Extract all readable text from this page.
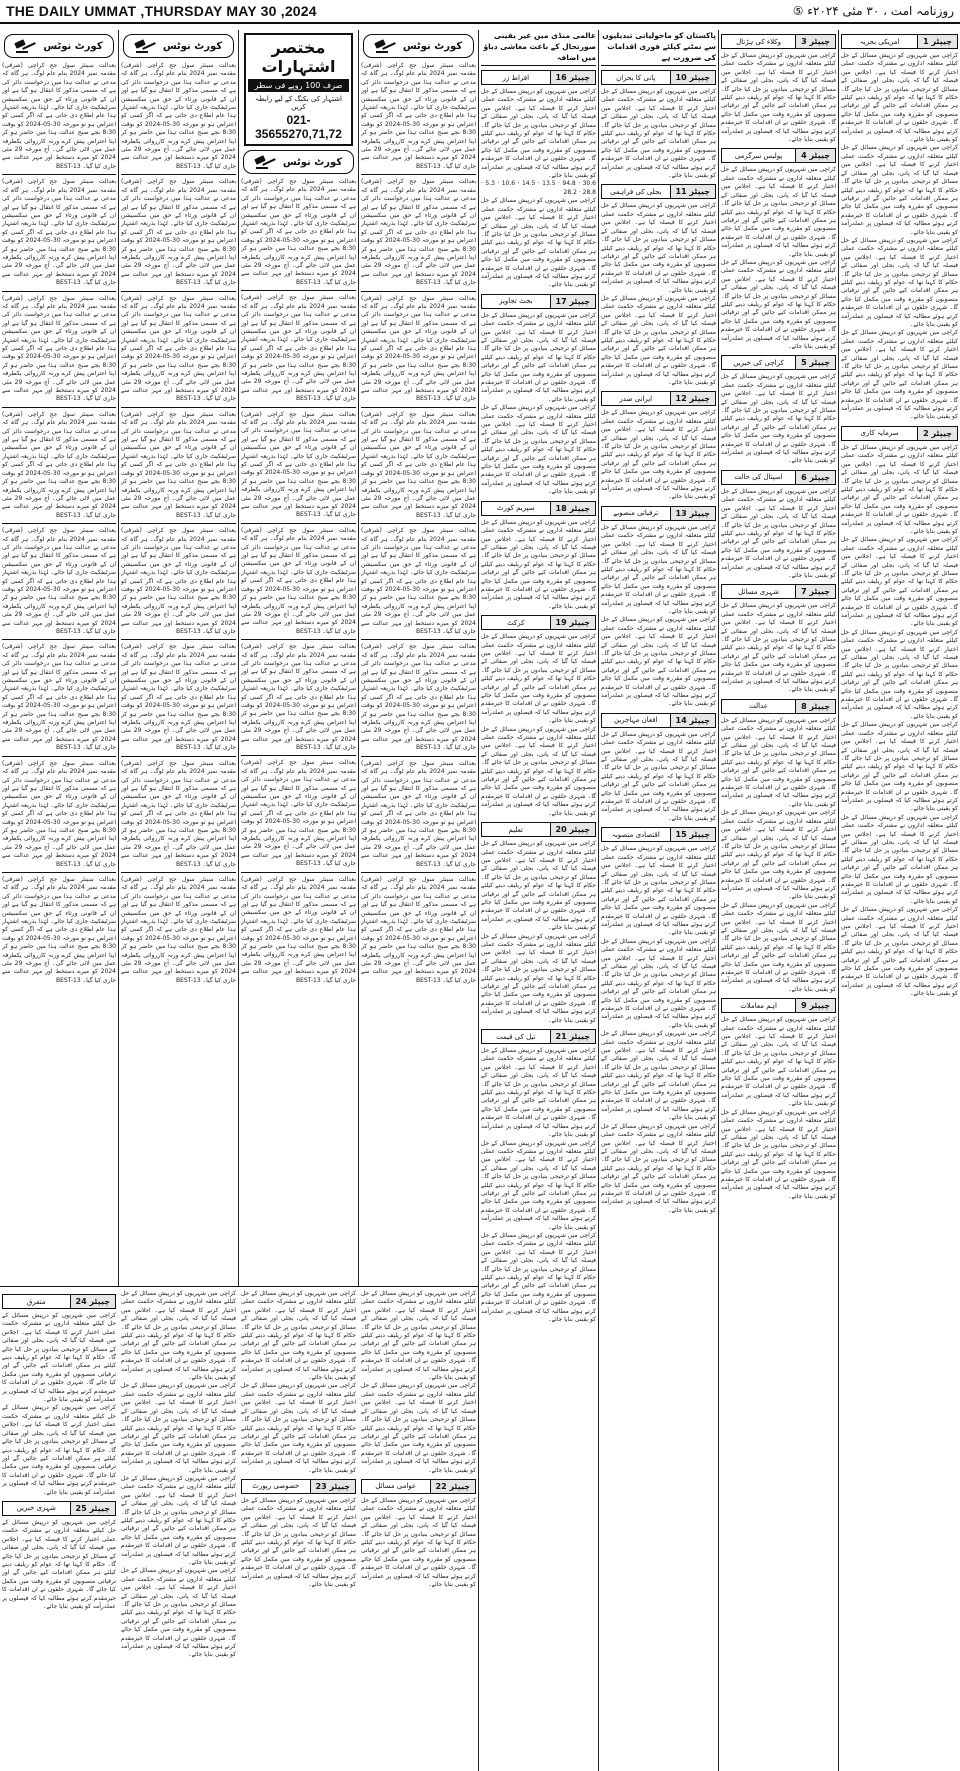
THE DAILY UMMAT ,THURSDAY MAY 30 ,2024	روزنامہ امت ، ۳۰ مئی ۲۰۲۴ء ⑤
کورٹ نوٹس
بعدالت سینئر سول جج کراچی (شرقی) مقدمہ نمبر 2024 بنام عام لوگ۔ ہر گاہ کہ مدعی نے عدالت ہذا میں درخواست دائر کی ہے کہ مسمی مذکور کا انتقال ہو گیا ہے اور ان کے قانونی ورثاء کے حق میں سکسیشن سرٹیفکیٹ جاری کیا جائے۔ لہٰذا بذریعہ اشتہار ہذا عام اطلاع دی جاتی ہے کہ اگر کسی کو اعتراض ہو تو مورخہ 30-05-2024 کو بوقت 8:30 بجے صبح عدالت ہذا میں حاضر ہو کر اپنا اعتراض پیش کرے ورنہ کارروائی یکطرفہ عمل میں لائی جائے گی۔ آج مورخہ 29 مئی 2024 کو میرے دستخط اور مہر عدالت سے جاری کیا گیا۔ BEST-13
بعدالت سینئر سول جج کراچی (شرقی) مقدمہ نمبر 2024 بنام عام لوگ۔ ہر گاہ کہ مدعی نے عدالت ہذا میں درخواست دائر کی ہے کہ مسمی مذکور کا انتقال ہو گیا ہے اور ان کے قانونی ورثاء کے حق میں سکسیشن سرٹیفکیٹ جاری کیا جائے۔ لہٰذا بذریعہ اشتہار ہذا عام اطلاع دی جاتی ہے کہ اگر کسی کو اعتراض ہو تو مورخہ 30-05-2024 کو بوقت 8:30 بجے صبح عدالت ہذا میں حاضر ہو کر اپنا اعتراض پیش کرے ورنہ کارروائی یکطرفہ عمل میں لائی جائے گی۔ آج مورخہ 29 مئی 2024 کو میرے دستخط اور مہر عدالت سے جاری کیا گیا۔ BEST-13
بعدالت سینئر سول جج کراچی (شرقی) مقدمہ نمبر 2024 بنام عام لوگ۔ ہر گاہ کہ مدعی نے عدالت ہذا میں درخواست دائر کی ہے کہ مسمی مذکور کا انتقال ہو گیا ہے اور ان کے قانونی ورثاء کے حق میں سکسیشن سرٹیفکیٹ جاری کیا جائے۔ لہٰذا بذریعہ اشتہار ہذا عام اطلاع دی جاتی ہے کہ اگر کسی کو اعتراض ہو تو مورخہ 30-05-2024 کو بوقت 8:30 بجے صبح عدالت ہذا میں حاضر ہو کر اپنا اعتراض پیش کرے ورنہ کارروائی یکطرفہ عمل میں لائی جائے گی۔ آج مورخہ 29 مئی 2024 کو میرے دستخط اور مہر عدالت سے جاری کیا گیا۔ BEST-13
بعدالت سینئر سول جج کراچی (شرقی) مقدمہ نمبر 2024 بنام عام لوگ۔ ہر گاہ کہ مدعی نے عدالت ہذا میں درخواست دائر کی ہے کہ مسمی مذکور کا انتقال ہو گیا ہے اور ان کے قانونی ورثاء کے حق میں سکسیشن سرٹیفکیٹ جاری کیا جائے۔ لہٰذا بذریعہ اشتہار ہذا عام اطلاع دی جاتی ہے کہ اگر کسی کو اعتراض ہو تو مورخہ 30-05-2024 کو بوقت 8:30 بجے صبح عدالت ہذا میں حاضر ہو کر اپنا اعتراض پیش کرے ورنہ کارروائی یکطرفہ عمل میں لائی جائے گی۔ آج مورخہ 29 مئی 2024 کو میرے دستخط اور مہر عدالت سے جاری کیا گیا۔ BEST-13
بعدالت سینئر سول جج کراچی (شرقی) مقدمہ نمبر 2024 بنام عام لوگ۔ ہر گاہ کہ مدعی نے عدالت ہذا میں درخواست دائر کی ہے کہ مسمی مذکور کا انتقال ہو گیا ہے اور ان کے قانونی ورثاء کے حق میں سکسیشن سرٹیفکیٹ جاری کیا جائے۔ لہٰذا بذریعہ اشتہار ہذا عام اطلاع دی جاتی ہے کہ اگر کسی کو اعتراض ہو تو مورخہ 30-05-2024 کو بوقت 8:30 بجے صبح عدالت ہذا میں حاضر ہو کر اپنا اعتراض پیش کرے ورنہ کارروائی یکطرفہ عمل میں لائی جائے گی۔ آج مورخہ 29 مئی 2024 کو میرے دستخط اور مہر عدالت سے جاری کیا گیا۔ BEST-13
بعدالت سینئر سول جج کراچی (شرقی) مقدمہ نمبر 2024 بنام عام لوگ۔ ہر گاہ کہ مدعی نے عدالت ہذا میں درخواست دائر کی ہے کہ مسمی مذکور کا انتقال ہو گیا ہے اور ان کے قانونی ورثاء کے حق میں سکسیشن سرٹیفکیٹ جاری کیا جائے۔ لہٰذا بذریعہ اشتہار ہذا عام اطلاع دی جاتی ہے کہ اگر کسی کو اعتراض ہو تو مورخہ 30-05-2024 کو بوقت 8:30 بجے صبح عدالت ہذا میں حاضر ہو کر اپنا اعتراض پیش کرے ورنہ کارروائی یکطرفہ عمل میں لائی جائے گی۔ آج مورخہ 29 مئی 2024 کو میرے دستخط اور مہر عدالت سے جاری کیا گیا۔ BEST-13
بعدالت سینئر سول جج کراچی (شرقی) مقدمہ نمبر 2024 بنام عام لوگ۔ ہر گاہ کہ مدعی نے عدالت ہذا میں درخواست دائر کی ہے کہ مسمی مذکور کا انتقال ہو گیا ہے اور ان کے قانونی ورثاء کے حق میں سکسیشن سرٹیفکیٹ جاری کیا جائے۔ لہٰذا بذریعہ اشتہار ہذا عام اطلاع دی جاتی ہے کہ اگر کسی کو اعتراض ہو تو مورخہ 30-05-2024 کو بوقت 8:30 بجے صبح عدالت ہذا میں حاضر ہو کر اپنا اعتراض پیش کرے ورنہ کارروائی یکطرفہ عمل میں لائی جائے گی۔ آج مورخہ 29 مئی 2024 کو میرے دستخط اور مہر عدالت سے جاری کیا گیا۔ BEST-13
بعدالت سینئر سول جج کراچی (شرقی) مقدمہ نمبر 2024 بنام عام لوگ۔ ہر گاہ کہ مدعی نے عدالت ہذا میں درخواست دائر کی ہے کہ مسمی مذکور کا انتقال ہو گیا ہے اور ان کے قانونی ورثاء کے حق میں سکسیشن سرٹیفکیٹ جاری کیا جائے۔ لہٰذا بذریعہ اشتہار ہذا عام اطلاع دی جاتی ہے کہ اگر کسی کو اعتراض ہو تو مورخہ 30-05-2024 کو بوقت 8:30 بجے صبح عدالت ہذا میں حاضر ہو کر اپنا اعتراض پیش کرے ورنہ کارروائی یکطرفہ عمل میں لائی جائے گی۔ آج مورخہ 29 مئی 2024 کو میرے دستخط اور مہر عدالت سے جاری کیا گیا۔ BEST-13
کورٹ نوٹس
بعدالت سینئر سول جج کراچی (شرقی) مقدمہ نمبر 2024 بنام عام لوگ۔ ہر گاہ کہ مدعی نے عدالت ہذا میں درخواست دائر کی ہے کہ مسمی مذکور کا انتقال ہو گیا ہے اور ان کے قانونی ورثاء کے حق میں سکسیشن سرٹیفکیٹ جاری کیا جائے۔ لہٰذا بذریعہ اشتہار ہذا عام اطلاع دی جاتی ہے کہ اگر کسی کو اعتراض ہو تو مورخہ 30-05-2024 کو بوقت 8:30 بجے صبح عدالت ہذا میں حاضر ہو کر اپنا اعتراض پیش کرے ورنہ کارروائی یکطرفہ عمل میں لائی جائے گی۔ آج مورخہ 29 مئی 2024 کو میرے دستخط اور مہر عدالت سے جاری کیا گیا۔ BEST-13
بعدالت سینئر سول جج کراچی (شرقی) مقدمہ نمبر 2024 بنام عام لوگ۔ ہر گاہ کہ مدعی نے عدالت ہذا میں درخواست دائر کی ہے کہ مسمی مذکور کا انتقال ہو گیا ہے اور ان کے قانونی ورثاء کے حق میں سکسیشن سرٹیفکیٹ جاری کیا جائے۔ لہٰذا بذریعہ اشتہار ہذا عام اطلاع دی جاتی ہے کہ اگر کسی کو اعتراض ہو تو مورخہ 30-05-2024 کو بوقت 8:30 بجے صبح عدالت ہذا میں حاضر ہو کر اپنا اعتراض پیش کرے ورنہ کارروائی یکطرفہ عمل میں لائی جائے گی۔ آج مورخہ 29 مئی 2024 کو میرے دستخط اور مہر عدالت سے جاری کیا گیا۔ BEST-13
بعدالت سینئر سول جج کراچی (شرقی) مقدمہ نمبر 2024 بنام عام لوگ۔ ہر گاہ کہ مدعی نے عدالت ہذا میں درخواست دائر کی ہے کہ مسمی مذکور کا انتقال ہو گیا ہے اور ان کے قانونی ورثاء کے حق میں سکسیشن سرٹیفکیٹ جاری کیا جائے۔ لہٰذا بذریعہ اشتہار ہذا عام اطلاع دی جاتی ہے کہ اگر کسی کو اعتراض ہو تو مورخہ 30-05-2024 کو بوقت 8:30 بجے صبح عدالت ہذا میں حاضر ہو کر اپنا اعتراض پیش کرے ورنہ کارروائی یکطرفہ عمل میں لائی جائے گی۔ آج مورخہ 29 مئی 2024 کو میرے دستخط اور مہر عدالت سے جاری کیا گیا۔ BEST-13
بعدالت سینئر سول جج کراچی (شرقی) مقدمہ نمبر 2024 بنام عام لوگ۔ ہر گاہ کہ مدعی نے عدالت ہذا میں درخواست دائر کی ہے کہ مسمی مذکور کا انتقال ہو گیا ہے اور ان کے قانونی ورثاء کے حق میں سکسیشن سرٹیفکیٹ جاری کیا جائے۔ لہٰذا بذریعہ اشتہار ہذا عام اطلاع دی جاتی ہے کہ اگر کسی کو اعتراض ہو تو مورخہ 30-05-2024 کو بوقت 8:30 بجے صبح عدالت ہذا میں حاضر ہو کر اپنا اعتراض پیش کرے ورنہ کارروائی یکطرفہ عمل میں لائی جائے گی۔ آج مورخہ 29 مئی 2024 کو میرے دستخط اور مہر عدالت سے جاری کیا گیا۔ BEST-13
بعدالت سینئر سول جج کراچی (شرقی) مقدمہ نمبر 2024 بنام عام لوگ۔ ہر گاہ کہ مدعی نے عدالت ہذا میں درخواست دائر کی ہے کہ مسمی مذکور کا انتقال ہو گیا ہے اور ان کے قانونی ورثاء کے حق میں سکسیشن سرٹیفکیٹ جاری کیا جائے۔ لہٰذا بذریعہ اشتہار ہذا عام اطلاع دی جاتی ہے کہ اگر کسی کو اعتراض ہو تو مورخہ 30-05-2024 کو بوقت 8:30 بجے صبح عدالت ہذا میں حاضر ہو کر اپنا اعتراض پیش کرے ورنہ کارروائی یکطرفہ عمل میں لائی جائے گی۔ آج مورخہ 29 مئی 2024 کو میرے دستخط اور مہر عدالت سے جاری کیا گیا۔ BEST-13
بعدالت سینئر سول جج کراچی (شرقی) مقدمہ نمبر 2024 بنام عام لوگ۔ ہر گاہ کہ مدعی نے عدالت ہذا میں درخواست دائر کی ہے کہ مسمی مذکور کا انتقال ہو گیا ہے اور ان کے قانونی ورثاء کے حق میں سکسیشن سرٹیفکیٹ جاری کیا جائے۔ لہٰذا بذریعہ اشتہار ہذا عام اطلاع دی جاتی ہے کہ اگر کسی کو اعتراض ہو تو مورخہ 30-05-2024 کو بوقت 8:30 بجے صبح عدالت ہذا میں حاضر ہو کر اپنا اعتراض پیش کرے ورنہ کارروائی یکطرفہ عمل میں لائی جائے گی۔ آج مورخہ 29 مئی 2024 کو میرے دستخط اور مہر عدالت سے جاری کیا گیا۔ BEST-13
بعدالت سینئر سول جج کراچی (شرقی) مقدمہ نمبر 2024 بنام عام لوگ۔ ہر گاہ کہ مدعی نے عدالت ہذا میں درخواست دائر کی ہے کہ مسمی مذکور کا انتقال ہو گیا ہے اور ان کے قانونی ورثاء کے حق میں سکسیشن سرٹیفکیٹ جاری کیا جائے۔ لہٰذا بذریعہ اشتہار ہذا عام اطلاع دی جاتی ہے کہ اگر کسی کو اعتراض ہو تو مورخہ 30-05-2024 کو بوقت 8:30 بجے صبح عدالت ہذا میں حاضر ہو کر اپنا اعتراض پیش کرے ورنہ کارروائی یکطرفہ عمل میں لائی جائے گی۔ آج مورخہ 29 مئی 2024 کو میرے دستخط اور مہر عدالت سے جاری کیا گیا۔ BEST-13
بعدالت سینئر سول جج کراچی (شرقی) مقدمہ نمبر 2024 بنام عام لوگ۔ ہر گاہ کہ مدعی نے عدالت ہذا میں درخواست دائر کی ہے کہ مسمی مذکور کا انتقال ہو گیا ہے اور ان کے قانونی ورثاء کے حق میں سکسیشن سرٹیفکیٹ جاری کیا جائے۔ لہٰذا بذریعہ اشتہار ہذا عام اطلاع دی جاتی ہے کہ اگر کسی کو اعتراض ہو تو مورخہ 30-05-2024 کو بوقت 8:30 بجے صبح عدالت ہذا میں حاضر ہو کر اپنا اعتراض پیش کرے ورنہ کارروائی یکطرفہ عمل میں لائی جائے گی۔ آج مورخہ 29 مئی 2024 کو میرے دستخط اور مہر عدالت سے جاری کیا گیا۔ BEST-13
مختصر اشتہارات
صرف 100 روپے فی سطر
اشتہار کی بکنگ کے لیے رابطہ کریں
021-35655270,71,72
کورٹ نوٹس
بعدالت سینئر سول جج کراچی (شرقی) مقدمہ نمبر 2024 بنام عام لوگ۔ ہر گاہ کہ مدعی نے عدالت ہذا میں درخواست دائر کی ہے کہ مسمی مذکور کا انتقال ہو گیا ہے اور ان کے قانونی ورثاء کے حق میں سکسیشن سرٹیفکیٹ جاری کیا جائے۔ لہٰذا بذریعہ اشتہار ہذا عام اطلاع دی جاتی ہے کہ اگر کسی کو اعتراض ہو تو مورخہ 30-05-2024 کو بوقت 8:30 بجے صبح عدالت ہذا میں حاضر ہو کر اپنا اعتراض پیش کرے ورنہ کارروائی یکطرفہ عمل میں لائی جائے گی۔ آج مورخہ 29 مئی 2024 کو میرے دستخط اور مہر عدالت سے جاری کیا گیا۔ BEST-13
بعدالت سینئر سول جج کراچی (شرقی) مقدمہ نمبر 2024 بنام عام لوگ۔ ہر گاہ کہ مدعی نے عدالت ہذا میں درخواست دائر کی ہے کہ مسمی مذکور کا انتقال ہو گیا ہے اور ان کے قانونی ورثاء کے حق میں سکسیشن سرٹیفکیٹ جاری کیا جائے۔ لہٰذا بذریعہ اشتہار ہذا عام اطلاع دی جاتی ہے کہ اگر کسی کو اعتراض ہو تو مورخہ 30-05-2024 کو بوقت 8:30 بجے صبح عدالت ہذا میں حاضر ہو کر اپنا اعتراض پیش کرے ورنہ کارروائی یکطرفہ عمل میں لائی جائے گی۔ آج مورخہ 29 مئی 2024 کو میرے دستخط اور مہر عدالت سے جاری کیا گیا۔ BEST-13
بعدالت سینئر سول جج کراچی (شرقی) مقدمہ نمبر 2024 بنام عام لوگ۔ ہر گاہ کہ مدعی نے عدالت ہذا میں درخواست دائر کی ہے کہ مسمی مذکور کا انتقال ہو گیا ہے اور ان کے قانونی ورثاء کے حق میں سکسیشن سرٹیفکیٹ جاری کیا جائے۔ لہٰذا بذریعہ اشتہار ہذا عام اطلاع دی جاتی ہے کہ اگر کسی کو اعتراض ہو تو مورخہ 30-05-2024 کو بوقت 8:30 بجے صبح عدالت ہذا میں حاضر ہو کر اپنا اعتراض پیش کرے ورنہ کارروائی یکطرفہ عمل میں لائی جائے گی۔ آج مورخہ 29 مئی 2024 کو میرے دستخط اور مہر عدالت سے جاری کیا گیا۔ BEST-13
بعدالت سینئر سول جج کراچی (شرقی) مقدمہ نمبر 2024 بنام عام لوگ۔ ہر گاہ کہ مدعی نے عدالت ہذا میں درخواست دائر کی ہے کہ مسمی مذکور کا انتقال ہو گیا ہے اور ان کے قانونی ورثاء کے حق میں سکسیشن سرٹیفکیٹ جاری کیا جائے۔ لہٰذا بذریعہ اشتہار ہذا عام اطلاع دی جاتی ہے کہ اگر کسی کو اعتراض ہو تو مورخہ 30-05-2024 کو بوقت 8:30 بجے صبح عدالت ہذا میں حاضر ہو کر اپنا اعتراض پیش کرے ورنہ کارروائی یکطرفہ عمل میں لائی جائے گی۔ آج مورخہ 29 مئی 2024 کو میرے دستخط اور مہر عدالت سے جاری کیا گیا۔ BEST-13
بعدالت سینئر سول جج کراچی (شرقی) مقدمہ نمبر 2024 بنام عام لوگ۔ ہر گاہ کہ مدعی نے عدالت ہذا میں درخواست دائر کی ہے کہ مسمی مذکور کا انتقال ہو گیا ہے اور ان کے قانونی ورثاء کے حق میں سکسیشن سرٹیفکیٹ جاری کیا جائے۔ لہٰذا بذریعہ اشتہار ہذا عام اطلاع دی جاتی ہے کہ اگر کسی کو اعتراض ہو تو مورخہ 30-05-2024 کو بوقت 8:30 بجے صبح عدالت ہذا میں حاضر ہو کر اپنا اعتراض پیش کرے ورنہ کارروائی یکطرفہ عمل میں لائی جائے گی۔ آج مورخہ 29 مئی 2024 کو میرے دستخط اور مہر عدالت سے جاری کیا گیا۔ BEST-13
بعدالت سینئر سول جج کراچی (شرقی) مقدمہ نمبر 2024 بنام عام لوگ۔ ہر گاہ کہ مدعی نے عدالت ہذا میں درخواست دائر کی ہے کہ مسمی مذکور کا انتقال ہو گیا ہے اور ان کے قانونی ورثاء کے حق میں سکسیشن سرٹیفکیٹ جاری کیا جائے۔ لہٰذا بذریعہ اشتہار ہذا عام اطلاع دی جاتی ہے کہ اگر کسی کو اعتراض ہو تو مورخہ 30-05-2024 کو بوقت 8:30 بجے صبح عدالت ہذا میں حاضر ہو کر اپنا اعتراض پیش کرے ورنہ کارروائی یکطرفہ عمل میں لائی جائے گی۔ آج مورخہ 29 مئی 2024 کو میرے دستخط اور مہر عدالت سے جاری کیا گیا۔ BEST-13
بعدالت سینئر سول جج کراچی (شرقی) مقدمہ نمبر 2024 بنام عام لوگ۔ ہر گاہ کہ مدعی نے عدالت ہذا میں درخواست دائر کی ہے کہ مسمی مذکور کا انتقال ہو گیا ہے اور ان کے قانونی ورثاء کے حق میں سکسیشن سرٹیفکیٹ جاری کیا جائے۔ لہٰذا بذریعہ اشتہار ہذا عام اطلاع دی جاتی ہے کہ اگر کسی کو اعتراض ہو تو مورخہ 30-05-2024 کو بوقت 8:30 بجے صبح عدالت ہذا میں حاضر ہو کر اپنا اعتراض پیش کرے ورنہ کارروائی یکطرفہ عمل میں لائی جائے گی۔ آج مورخہ 29 مئی 2024 کو میرے دستخط اور مہر عدالت سے جاری کیا گیا۔ BEST-13
کورٹ نوٹس
بعدالت سینئر سول جج کراچی (شرقی) مقدمہ نمبر 2024 بنام عام لوگ۔ ہر گاہ کہ مدعی نے عدالت ہذا میں درخواست دائر کی ہے کہ مسمی مذکور کا انتقال ہو گیا ہے اور ان کے قانونی ورثاء کے حق میں سکسیشن سرٹیفکیٹ جاری کیا جائے۔ لہٰذا بذریعہ اشتہار ہذا عام اطلاع دی جاتی ہے کہ اگر کسی کو اعتراض ہو تو مورخہ 30-05-2024 کو بوقت 8:30 بجے صبح عدالت ہذا میں حاضر ہو کر اپنا اعتراض پیش کرے ورنہ کارروائی یکطرفہ عمل میں لائی جائے گی۔ آج مورخہ 29 مئی 2024 کو میرے دستخط اور مہر عدالت سے جاری کیا گیا۔ BEST-13
بعدالت سینئر سول جج کراچی (شرقی) مقدمہ نمبر 2024 بنام عام لوگ۔ ہر گاہ کہ مدعی نے عدالت ہذا میں درخواست دائر کی ہے کہ مسمی مذکور کا انتقال ہو گیا ہے اور ان کے قانونی ورثاء کے حق میں سکسیشن سرٹیفکیٹ جاری کیا جائے۔ لہٰذا بذریعہ اشتہار ہذا عام اطلاع دی جاتی ہے کہ اگر کسی کو اعتراض ہو تو مورخہ 30-05-2024 کو بوقت 8:30 بجے صبح عدالت ہذا میں حاضر ہو کر اپنا اعتراض پیش کرے ورنہ کارروائی یکطرفہ عمل میں لائی جائے گی۔ آج مورخہ 29 مئی 2024 کو میرے دستخط اور مہر عدالت سے جاری کیا گیا۔ BEST-13
بعدالت سینئر سول جج کراچی (شرقی) مقدمہ نمبر 2024 بنام عام لوگ۔ ہر گاہ کہ مدعی نے عدالت ہذا میں درخواست دائر کی ہے کہ مسمی مذکور کا انتقال ہو گیا ہے اور ان کے قانونی ورثاء کے حق میں سکسیشن سرٹیفکیٹ جاری کیا جائے۔ لہٰذا بذریعہ اشتہار ہذا عام اطلاع دی جاتی ہے کہ اگر کسی کو اعتراض ہو تو مورخہ 30-05-2024 کو بوقت 8:30 بجے صبح عدالت ہذا میں حاضر ہو کر اپنا اعتراض پیش کرے ورنہ کارروائی یکطرفہ عمل میں لائی جائے گی۔ آج مورخہ 29 مئی 2024 کو میرے دستخط اور مہر عدالت سے جاری کیا گیا۔ BEST-13
بعدالت سینئر سول جج کراچی (شرقی) مقدمہ نمبر 2024 بنام عام لوگ۔ ہر گاہ کہ مدعی نے عدالت ہذا میں درخواست دائر کی ہے کہ مسمی مذکور کا انتقال ہو گیا ہے اور ان کے قانونی ورثاء کے حق میں سکسیشن سرٹیفکیٹ جاری کیا جائے۔ لہٰذا بذریعہ اشتہار ہذا عام اطلاع دی جاتی ہے کہ اگر کسی کو اعتراض ہو تو مورخہ 30-05-2024 کو بوقت 8:30 بجے صبح عدالت ہذا میں حاضر ہو کر اپنا اعتراض پیش کرے ورنہ کارروائی یکطرفہ عمل میں لائی جائے گی۔ آج مورخہ 29 مئی 2024 کو میرے دستخط اور مہر عدالت سے جاری کیا گیا۔ BEST-13
بعدالت سینئر سول جج کراچی (شرقی) مقدمہ نمبر 2024 بنام عام لوگ۔ ہر گاہ کہ مدعی نے عدالت ہذا میں درخواست دائر کی ہے کہ مسمی مذکور کا انتقال ہو گیا ہے اور ان کے قانونی ورثاء کے حق میں سکسیشن سرٹیفکیٹ جاری کیا جائے۔ لہٰذا بذریعہ اشتہار ہذا عام اطلاع دی جاتی ہے کہ اگر کسی کو اعتراض ہو تو مورخہ 30-05-2024 کو بوقت 8:30 بجے صبح عدالت ہذا میں حاضر ہو کر اپنا اعتراض پیش کرے ورنہ کارروائی یکطرفہ عمل میں لائی جائے گی۔ آج مورخہ 29 مئی 2024 کو میرے دستخط اور مہر عدالت سے جاری کیا گیا۔ BEST-13
بعدالت سینئر سول جج کراچی (شرقی) مقدمہ نمبر 2024 بنام عام لوگ۔ ہر گاہ کہ مدعی نے عدالت ہذا میں درخواست دائر کی ہے کہ مسمی مذکور کا انتقال ہو گیا ہے اور ان کے قانونی ورثاء کے حق میں سکسیشن سرٹیفکیٹ جاری کیا جائے۔ لہٰذا بذریعہ اشتہار ہذا عام اطلاع دی جاتی ہے کہ اگر کسی کو اعتراض ہو تو مورخہ 30-05-2024 کو بوقت 8:30 بجے صبح عدالت ہذا میں حاضر ہو کر اپنا اعتراض پیش کرے ورنہ کارروائی یکطرفہ عمل میں لائی جائے گی۔ آج مورخہ 29 مئی 2024 کو میرے دستخط اور مہر عدالت سے جاری کیا گیا۔ BEST-13
بعدالت سینئر سول جج کراچی (شرقی) مقدمہ نمبر 2024 بنام عام لوگ۔ ہر گاہ کہ مدعی نے عدالت ہذا میں درخواست دائر کی ہے کہ مسمی مذکور کا انتقال ہو گیا ہے اور ان کے قانونی ورثاء کے حق میں سکسیشن سرٹیفکیٹ جاری کیا جائے۔ لہٰذا بذریعہ اشتہار ہذا عام اطلاع دی جاتی ہے کہ اگر کسی کو اعتراض ہو تو مورخہ 30-05-2024 کو بوقت 8:30 بجے صبح عدالت ہذا میں حاضر ہو کر اپنا اعتراض پیش کرے ورنہ کارروائی یکطرفہ عمل میں لائی جائے گی۔ آج مورخہ 29 مئی 2024 کو میرے دستخط اور مہر عدالت سے جاری کیا گیا۔ BEST-13
بعدالت سینئر سول جج کراچی (شرقی) مقدمہ نمبر 2024 بنام عام لوگ۔ ہر گاہ کہ مدعی نے عدالت ہذا میں درخواست دائر کی ہے کہ مسمی مذکور کا انتقال ہو گیا ہے اور ان کے قانونی ورثاء کے حق میں سکسیشن سرٹیفکیٹ جاری کیا جائے۔ لہٰذا بذریعہ اشتہار ہذا عام اطلاع دی جاتی ہے کہ اگر کسی کو اعتراض ہو تو مورخہ 30-05-2024 کو بوقت 8:30 بجے صبح عدالت ہذا میں حاضر ہو کر اپنا اعتراض پیش کرے ورنہ کارروائی یکطرفہ عمل میں لائی جائے گی۔ آج مورخہ 29 مئی 2024 کو میرے دستخط اور مہر عدالت سے جاری کیا گیا۔ BEST-13
چیپٹر 24
متفرق
کراچی میں شہریوں کو درپیش مسائل کے حل کیلئے متعلقہ اداروں نے مشترکہ حکمت عملی اختیار کرنے کا فیصلہ کیا ہے۔ اجلاس میں فیصلہ کیا گیا کہ پانی، بجلی اور صفائی کے مسائل کو ترجیحی بنیادوں پر حل کیا جائے گا۔ حکام کا کہنا تھا کہ عوام کو ریلیف دینے کیلئے ہر ممکن اقدامات کیے جائیں گے اور ترقیاتی منصوبوں کو مقررہ وقت میں مکمل کیا جائے گا۔ شہری حلقوں نے ان اقدامات کا خیرمقدم کرتے ہوئے مطالبہ کیا کہ فیصلوں پر عملدرآمد کو یقینی بنایا جائے۔
کراچی میں شہریوں کو درپیش مسائل کے حل کیلئے متعلقہ اداروں نے مشترکہ حکمت عملی اختیار کرنے کا فیصلہ کیا ہے۔ اجلاس میں فیصلہ کیا گیا کہ پانی، بجلی اور صفائی کے مسائل کو ترجیحی بنیادوں پر حل کیا جائے گا۔ حکام کا کہنا تھا کہ عوام کو ریلیف دینے کیلئے ہر ممکن اقدامات کیے جائیں گے اور ترقیاتی منصوبوں کو مقررہ وقت میں مکمل کیا جائے گا۔ شہری حلقوں نے ان اقدامات کا خیرمقدم کرتے ہوئے مطالبہ کیا کہ فیصلوں پر عملدرآمد کو یقینی بنایا جائے۔
چیپٹر 25
شہری خبریں
کراچی میں شہریوں کو درپیش مسائل کے حل کیلئے متعلقہ اداروں نے مشترکہ حکمت عملی اختیار کرنے کا فیصلہ کیا ہے۔ اجلاس میں فیصلہ کیا گیا کہ پانی، بجلی اور صفائی کے مسائل کو ترجیحی بنیادوں پر حل کیا جائے گا۔ حکام کا کہنا تھا کہ عوام کو ریلیف دینے کیلئے ہر ممکن اقدامات کیے جائیں گے اور ترقیاتی منصوبوں کو مقررہ وقت میں مکمل کیا جائے گا۔ شہری حلقوں نے ان اقدامات کا خیرمقدم کرتے ہوئے مطالبہ کیا کہ فیصلوں پر عملدرآمد کو یقینی بنایا جائے۔
کراچی میں شہریوں کو درپیش مسائل کے حل کیلئے متعلقہ اداروں نے مشترکہ حکمت عملی اختیار کرنے کا فیصلہ کیا ہے۔ اجلاس میں فیصلہ کیا گیا کہ پانی، بجلی اور صفائی کے مسائل کو ترجیحی بنیادوں پر حل کیا جائے گا۔ حکام کا کہنا تھا کہ عوام کو ریلیف دینے کیلئے ہر ممکن اقدامات کیے جائیں گے اور ترقیاتی منصوبوں کو مقررہ وقت میں مکمل کیا جائے گا۔ شہری حلقوں نے ان اقدامات کا خیرمقدم کرتے ہوئے مطالبہ کیا کہ فیصلوں پر عملدرآمد کو یقینی بنایا جائے۔
کراچی میں شہریوں کو درپیش مسائل کے حل کیلئے متعلقہ اداروں نے مشترکہ حکمت عملی اختیار کرنے کا فیصلہ کیا ہے۔ اجلاس میں فیصلہ کیا گیا کہ پانی، بجلی اور صفائی کے مسائل کو ترجیحی بنیادوں پر حل کیا جائے گا۔ حکام کا کہنا تھا کہ عوام کو ریلیف دینے کیلئے ہر ممکن اقدامات کیے جائیں گے اور ترقیاتی منصوبوں کو مقررہ وقت میں مکمل کیا جائے گا۔ شہری حلقوں نے ان اقدامات کا خیرمقدم کرتے ہوئے مطالبہ کیا کہ فیصلوں پر عملدرآمد کو یقینی بنایا جائے۔
کراچی میں شہریوں کو درپیش مسائل کے حل کیلئے متعلقہ اداروں نے مشترکہ حکمت عملی اختیار کرنے کا فیصلہ کیا ہے۔ اجلاس میں فیصلہ کیا گیا کہ پانی، بجلی اور صفائی کے مسائل کو ترجیحی بنیادوں پر حل کیا جائے گا۔ حکام کا کہنا تھا کہ عوام کو ریلیف دینے کیلئے ہر ممکن اقدامات کیے جائیں گے اور ترقیاتی منصوبوں کو مقررہ وقت میں مکمل کیا جائے گا۔ شہری حلقوں نے ان اقدامات کا خیرمقدم کرتے ہوئے مطالبہ کیا کہ فیصلوں پر عملدرآمد کو یقینی بنایا جائے۔
کراچی میں شہریوں کو درپیش مسائل کے حل کیلئے متعلقہ اداروں نے مشترکہ حکمت عملی اختیار کرنے کا فیصلہ کیا ہے۔ اجلاس میں فیصلہ کیا گیا کہ پانی، بجلی اور صفائی کے مسائل کو ترجیحی بنیادوں پر حل کیا جائے گا۔ حکام کا کہنا تھا کہ عوام کو ریلیف دینے کیلئے ہر ممکن اقدامات کیے جائیں گے اور ترقیاتی منصوبوں کو مقررہ وقت میں مکمل کیا جائے گا۔ شہری حلقوں نے ان اقدامات کا خیرمقدم کرتے ہوئے مطالبہ کیا کہ فیصلوں پر عملدرآمد کو یقینی بنایا جائے۔
کراچی میں شہریوں کو درپیش مسائل کے حل کیلئے متعلقہ اداروں نے مشترکہ حکمت عملی اختیار کرنے کا فیصلہ کیا ہے۔ اجلاس میں فیصلہ کیا گیا کہ پانی، بجلی اور صفائی کے مسائل کو ترجیحی بنیادوں پر حل کیا جائے گا۔ حکام کا کہنا تھا کہ عوام کو ریلیف دینے کیلئے ہر ممکن اقدامات کیے جائیں گے اور ترقیاتی منصوبوں کو مقررہ وقت میں مکمل کیا جائے گا۔ شہری حلقوں نے ان اقدامات کا خیرمقدم کرتے ہوئے مطالبہ کیا کہ فیصلوں پر عملدرآمد کو یقینی بنایا جائے۔
کراچی میں شہریوں کو درپیش مسائل کے حل کیلئے متعلقہ اداروں نے مشترکہ حکمت عملی اختیار کرنے کا فیصلہ کیا ہے۔ اجلاس میں فیصلہ کیا گیا کہ پانی، بجلی اور صفائی کے مسائل کو ترجیحی بنیادوں پر حل کیا جائے گا۔ حکام کا کہنا تھا کہ عوام کو ریلیف دینے کیلئے ہر ممکن اقدامات کیے جائیں گے اور ترقیاتی منصوبوں کو مقررہ وقت میں مکمل کیا جائے گا۔ شہری حلقوں نے ان اقدامات کا خیرمقدم کرتے ہوئے مطالبہ کیا کہ فیصلوں پر عملدرآمد کو یقینی بنایا جائے۔
چیپٹر 23
خصوصی رپورٹ
کراچی میں شہریوں کو درپیش مسائل کے حل کیلئے متعلقہ اداروں نے مشترکہ حکمت عملی اختیار کرنے کا فیصلہ کیا ہے۔ اجلاس میں فیصلہ کیا گیا کہ پانی، بجلی اور صفائی کے مسائل کو ترجیحی بنیادوں پر حل کیا جائے گا۔ حکام کا کہنا تھا کہ عوام کو ریلیف دینے کیلئے ہر ممکن اقدامات کیے جائیں گے اور ترقیاتی منصوبوں کو مقررہ وقت میں مکمل کیا جائے گا۔ شہری حلقوں نے ان اقدامات کا خیرمقدم کرتے ہوئے مطالبہ کیا کہ فیصلوں پر عملدرآمد کو یقینی بنایا جائے۔
کراچی میں شہریوں کو درپیش مسائل کے حل کیلئے متعلقہ اداروں نے مشترکہ حکمت عملی اختیار کرنے کا فیصلہ کیا ہے۔ اجلاس میں فیصلہ کیا گیا کہ پانی، بجلی اور صفائی کے مسائل کو ترجیحی بنیادوں پر حل کیا جائے گا۔ حکام کا کہنا تھا کہ عوام کو ریلیف دینے کیلئے ہر ممکن اقدامات کیے جائیں گے اور ترقیاتی منصوبوں کو مقررہ وقت میں مکمل کیا جائے گا۔ شہری حلقوں نے ان اقدامات کا خیرمقدم کرتے ہوئے مطالبہ کیا کہ فیصلوں پر عملدرآمد کو یقینی بنایا جائے۔
کراچی میں شہریوں کو درپیش مسائل کے حل کیلئے متعلقہ اداروں نے مشترکہ حکمت عملی اختیار کرنے کا فیصلہ کیا ہے۔ اجلاس میں فیصلہ کیا گیا کہ پانی، بجلی اور صفائی کے مسائل کو ترجیحی بنیادوں پر حل کیا جائے گا۔ حکام کا کہنا تھا کہ عوام کو ریلیف دینے کیلئے ہر ممکن اقدامات کیے جائیں گے اور ترقیاتی منصوبوں کو مقررہ وقت میں مکمل کیا جائے گا۔ شہری حلقوں نے ان اقدامات کا خیرمقدم کرتے ہوئے مطالبہ کیا کہ فیصلوں پر عملدرآمد کو یقینی بنایا جائے۔
چیپٹر 22
عوامی مسائل
کراچی میں شہریوں کو درپیش مسائل کے حل کیلئے متعلقہ اداروں نے مشترکہ حکمت عملی اختیار کرنے کا فیصلہ کیا ہے۔ اجلاس میں فیصلہ کیا گیا کہ پانی، بجلی اور صفائی کے مسائل کو ترجیحی بنیادوں پر حل کیا جائے گا۔ حکام کا کہنا تھا کہ عوام کو ریلیف دینے کیلئے ہر ممکن اقدامات کیے جائیں گے اور ترقیاتی منصوبوں کو مقررہ وقت میں مکمل کیا جائے گا۔ شہری حلقوں نے ان اقدامات کا خیرمقدم کرتے ہوئے مطالبہ کیا کہ فیصلوں پر عملدرآمد کو یقینی بنایا جائے۔
عالمی منڈی میں غیر یقینی صورتحال کے باعث معاشی دباؤ میں اضافہ
چیپٹر 16
افراط زر
کراچی میں شہریوں کو درپیش مسائل کے حل کیلئے متعلقہ اداروں نے مشترکہ حکمت عملی اختیار کرنے کا فیصلہ کیا ہے۔ اجلاس میں فیصلہ کیا گیا کہ پانی، بجلی اور صفائی کے مسائل کو ترجیحی بنیادوں پر حل کیا جائے گا۔ حکام کا کہنا تھا کہ عوام کو ریلیف دینے کیلئے ہر ممکن اقدامات کیے جائیں گے اور ترقیاتی منصوبوں کو مقررہ وقت میں مکمل کیا جائے گا۔ شہری حلقوں نے ان اقدامات کا خیرمقدم کرتے ہوئے مطالبہ کیا کہ فیصلوں پر عملدرآمد کو یقینی بنایا جائے۔
30.6 · 94.8 · 13.5 · 14.5 · 10.6 · 5.3 · 28.8 · 28.2
کراچی میں شہریوں کو درپیش مسائل کے حل کیلئے متعلقہ اداروں نے مشترکہ حکمت عملی اختیار کرنے کا فیصلہ کیا ہے۔ اجلاس میں فیصلہ کیا گیا کہ پانی، بجلی اور صفائی کے مسائل کو ترجیحی بنیادوں پر حل کیا جائے گا۔ حکام کا کہنا تھا کہ عوام کو ریلیف دینے کیلئے ہر ممکن اقدامات کیے جائیں گے اور ترقیاتی منصوبوں کو مقررہ وقت میں مکمل کیا جائے گا۔ شہری حلقوں نے ان اقدامات کا خیرمقدم کرتے ہوئے مطالبہ کیا کہ فیصلوں پر عملدرآمد کو یقینی بنایا جائے۔
چیپٹر 17
بجٹ تجاویز
کراچی میں شہریوں کو درپیش مسائل کے حل کیلئے متعلقہ اداروں نے مشترکہ حکمت عملی اختیار کرنے کا فیصلہ کیا ہے۔ اجلاس میں فیصلہ کیا گیا کہ پانی، بجلی اور صفائی کے مسائل کو ترجیحی بنیادوں پر حل کیا جائے گا۔ حکام کا کہنا تھا کہ عوام کو ریلیف دینے کیلئے ہر ممکن اقدامات کیے جائیں گے اور ترقیاتی منصوبوں کو مقررہ وقت میں مکمل کیا جائے گا۔ شہری حلقوں نے ان اقدامات کا خیرمقدم کرتے ہوئے مطالبہ کیا کہ فیصلوں پر عملدرآمد کو یقینی بنایا جائے۔
کراچی میں شہریوں کو درپیش مسائل کے حل کیلئے متعلقہ اداروں نے مشترکہ حکمت عملی اختیار کرنے کا فیصلہ کیا ہے۔ اجلاس میں فیصلہ کیا گیا کہ پانی، بجلی اور صفائی کے مسائل کو ترجیحی بنیادوں پر حل کیا جائے گا۔ حکام کا کہنا تھا کہ عوام کو ریلیف دینے کیلئے ہر ممکن اقدامات کیے جائیں گے اور ترقیاتی منصوبوں کو مقررہ وقت میں مکمل کیا جائے گا۔ شہری حلقوں نے ان اقدامات کا خیرمقدم کرتے ہوئے مطالبہ کیا کہ فیصلوں پر عملدرآمد کو یقینی بنایا جائے۔
چیپٹر 18
سپریم کورٹ
کراچی میں شہریوں کو درپیش مسائل کے حل کیلئے متعلقہ اداروں نے مشترکہ حکمت عملی اختیار کرنے کا فیصلہ کیا ہے۔ اجلاس میں فیصلہ کیا گیا کہ پانی، بجلی اور صفائی کے مسائل کو ترجیحی بنیادوں پر حل کیا جائے گا۔ حکام کا کہنا تھا کہ عوام کو ریلیف دینے کیلئے ہر ممکن اقدامات کیے جائیں گے اور ترقیاتی منصوبوں کو مقررہ وقت میں مکمل کیا جائے گا۔ شہری حلقوں نے ان اقدامات کا خیرمقدم کرتے ہوئے مطالبہ کیا کہ فیصلوں پر عملدرآمد کو یقینی بنایا جائے۔
چیپٹر 19
کرکٹ
کراچی میں شہریوں کو درپیش مسائل کے حل کیلئے متعلقہ اداروں نے مشترکہ حکمت عملی اختیار کرنے کا فیصلہ کیا ہے۔ اجلاس میں فیصلہ کیا گیا کہ پانی، بجلی اور صفائی کے مسائل کو ترجیحی بنیادوں پر حل کیا جائے گا۔ حکام کا کہنا تھا کہ عوام کو ریلیف دینے کیلئے ہر ممکن اقدامات کیے جائیں گے اور ترقیاتی منصوبوں کو مقررہ وقت میں مکمل کیا جائے گا۔ شہری حلقوں نے ان اقدامات کا خیرمقدم کرتے ہوئے مطالبہ کیا کہ فیصلوں پر عملدرآمد کو یقینی بنایا جائے۔
کراچی میں شہریوں کو درپیش مسائل کے حل کیلئے متعلقہ اداروں نے مشترکہ حکمت عملی اختیار کرنے کا فیصلہ کیا ہے۔ اجلاس میں فیصلہ کیا گیا کہ پانی، بجلی اور صفائی کے مسائل کو ترجیحی بنیادوں پر حل کیا جائے گا۔ حکام کا کہنا تھا کہ عوام کو ریلیف دینے کیلئے ہر ممکن اقدامات کیے جائیں گے اور ترقیاتی منصوبوں کو مقررہ وقت میں مکمل کیا جائے گا۔ شہری حلقوں نے ان اقدامات کا خیرمقدم کرتے ہوئے مطالبہ کیا کہ فیصلوں پر عملدرآمد کو یقینی بنایا جائے۔
چیپٹر 20
تعلیم
کراچی میں شہریوں کو درپیش مسائل کے حل کیلئے متعلقہ اداروں نے مشترکہ حکمت عملی اختیار کرنے کا فیصلہ کیا ہے۔ اجلاس میں فیصلہ کیا گیا کہ پانی، بجلی اور صفائی کے مسائل کو ترجیحی بنیادوں پر حل کیا جائے گا۔ حکام کا کہنا تھا کہ عوام کو ریلیف دینے کیلئے ہر ممکن اقدامات کیے جائیں گے اور ترقیاتی منصوبوں کو مقررہ وقت میں مکمل کیا جائے گا۔ شہری حلقوں نے ان اقدامات کا خیرمقدم کرتے ہوئے مطالبہ کیا کہ فیصلوں پر عملدرآمد کو یقینی بنایا جائے۔
کراچی میں شہریوں کو درپیش مسائل کے حل کیلئے متعلقہ اداروں نے مشترکہ حکمت عملی اختیار کرنے کا فیصلہ کیا ہے۔ اجلاس میں فیصلہ کیا گیا کہ پانی، بجلی اور صفائی کے مسائل کو ترجیحی بنیادوں پر حل کیا جائے گا۔ حکام کا کہنا تھا کہ عوام کو ریلیف دینے کیلئے ہر ممکن اقدامات کیے جائیں گے اور ترقیاتی منصوبوں کو مقررہ وقت میں مکمل کیا جائے گا۔ شہری حلقوں نے ان اقدامات کا خیرمقدم کرتے ہوئے مطالبہ کیا کہ فیصلوں پر عملدرآمد کو یقینی بنایا جائے۔
چیپٹر 21
تیل کی قیمت
کراچی میں شہریوں کو درپیش مسائل کے حل کیلئے متعلقہ اداروں نے مشترکہ حکمت عملی اختیار کرنے کا فیصلہ کیا ہے۔ اجلاس میں فیصلہ کیا گیا کہ پانی، بجلی اور صفائی کے مسائل کو ترجیحی بنیادوں پر حل کیا جائے گا۔ حکام کا کہنا تھا کہ عوام کو ریلیف دینے کیلئے ہر ممکن اقدامات کیے جائیں گے اور ترقیاتی منصوبوں کو مقررہ وقت میں مکمل کیا جائے گا۔ شہری حلقوں نے ان اقدامات کا خیرمقدم کرتے ہوئے مطالبہ کیا کہ فیصلوں پر عملدرآمد کو یقینی بنایا جائے۔
کراچی میں شہریوں کو درپیش مسائل کے حل کیلئے متعلقہ اداروں نے مشترکہ حکمت عملی اختیار کرنے کا فیصلہ کیا ہے۔ اجلاس میں فیصلہ کیا گیا کہ پانی، بجلی اور صفائی کے مسائل کو ترجیحی بنیادوں پر حل کیا جائے گا۔ حکام کا کہنا تھا کہ عوام کو ریلیف دینے کیلئے ہر ممکن اقدامات کیے جائیں گے اور ترقیاتی منصوبوں کو مقررہ وقت میں مکمل کیا جائے گا۔ شہری حلقوں نے ان اقدامات کا خیرمقدم کرتے ہوئے مطالبہ کیا کہ فیصلوں پر عملدرآمد کو یقینی بنایا جائے۔
کراچی میں شہریوں کو درپیش مسائل کے حل کیلئے متعلقہ اداروں نے مشترکہ حکمت عملی اختیار کرنے کا فیصلہ کیا ہے۔ اجلاس میں فیصلہ کیا گیا کہ پانی، بجلی اور صفائی کے مسائل کو ترجیحی بنیادوں پر حل کیا جائے گا۔ حکام کا کہنا تھا کہ عوام کو ریلیف دینے کیلئے ہر ممکن اقدامات کیے جائیں گے اور ترقیاتی منصوبوں کو مقررہ وقت میں مکمل کیا جائے گا۔ شہری حلقوں نے ان اقدامات کا خیرمقدم کرتے ہوئے مطالبہ کیا کہ فیصلوں پر عملدرآمد کو یقینی بنایا جائے۔
پاکستان کو ماحولیاتی تبدیلیوں سے نمٹنے کیلئے فوری اقدامات کی ضرورت ہے
چیپٹر 10
پانی کا بحران
کراچی میں شہریوں کو درپیش مسائل کے حل کیلئے متعلقہ اداروں نے مشترکہ حکمت عملی اختیار کرنے کا فیصلہ کیا ہے۔ اجلاس میں فیصلہ کیا گیا کہ پانی، بجلی اور صفائی کے مسائل کو ترجیحی بنیادوں پر حل کیا جائے گا۔ حکام کا کہنا تھا کہ عوام کو ریلیف دینے کیلئے ہر ممکن اقدامات کیے جائیں گے اور ترقیاتی منصوبوں کو مقررہ وقت میں مکمل کیا جائے گا۔ شہری حلقوں نے ان اقدامات کا خیرمقدم کرتے ہوئے مطالبہ کیا کہ فیصلوں پر عملدرآمد کو یقینی بنایا جائے۔
چیپٹر 11
بجلی کی فراہمی
کراچی میں شہریوں کو درپیش مسائل کے حل کیلئے متعلقہ اداروں نے مشترکہ حکمت عملی اختیار کرنے کا فیصلہ کیا ہے۔ اجلاس میں فیصلہ کیا گیا کہ پانی، بجلی اور صفائی کے مسائل کو ترجیحی بنیادوں پر حل کیا جائے گا۔ حکام کا کہنا تھا کہ عوام کو ریلیف دینے کیلئے ہر ممکن اقدامات کیے جائیں گے اور ترقیاتی منصوبوں کو مقررہ وقت میں مکمل کیا جائے گا۔ شہری حلقوں نے ان اقدامات کا خیرمقدم کرتے ہوئے مطالبہ کیا کہ فیصلوں پر عملدرآمد کو یقینی بنایا جائے۔
کراچی میں شہریوں کو درپیش مسائل کے حل کیلئے متعلقہ اداروں نے مشترکہ حکمت عملی اختیار کرنے کا فیصلہ کیا ہے۔ اجلاس میں فیصلہ کیا گیا کہ پانی، بجلی اور صفائی کے مسائل کو ترجیحی بنیادوں پر حل کیا جائے گا۔ حکام کا کہنا تھا کہ عوام کو ریلیف دینے کیلئے ہر ممکن اقدامات کیے جائیں گے اور ترقیاتی منصوبوں کو مقررہ وقت میں مکمل کیا جائے گا۔ شہری حلقوں نے ان اقدامات کا خیرمقدم کرتے ہوئے مطالبہ کیا کہ فیصلوں پر عملدرآمد کو یقینی بنایا جائے۔
چیپٹر 12
ایرانی صدر
کراچی میں شہریوں کو درپیش مسائل کے حل کیلئے متعلقہ اداروں نے مشترکہ حکمت عملی اختیار کرنے کا فیصلہ کیا ہے۔ اجلاس میں فیصلہ کیا گیا کہ پانی، بجلی اور صفائی کے مسائل کو ترجیحی بنیادوں پر حل کیا جائے گا۔ حکام کا کہنا تھا کہ عوام کو ریلیف دینے کیلئے ہر ممکن اقدامات کیے جائیں گے اور ترقیاتی منصوبوں کو مقررہ وقت میں مکمل کیا جائے گا۔ شہری حلقوں نے ان اقدامات کا خیرمقدم کرتے ہوئے مطالبہ کیا کہ فیصلوں پر عملدرآمد کو یقینی بنایا جائے۔
چیپٹر 13
ترقیاتی منصوبے
کراچی میں شہریوں کو درپیش مسائل کے حل کیلئے متعلقہ اداروں نے مشترکہ حکمت عملی اختیار کرنے کا فیصلہ کیا ہے۔ اجلاس میں فیصلہ کیا گیا کہ پانی، بجلی اور صفائی کے مسائل کو ترجیحی بنیادوں پر حل کیا جائے گا۔ حکام کا کہنا تھا کہ عوام کو ریلیف دینے کیلئے ہر ممکن اقدامات کیے جائیں گے اور ترقیاتی منصوبوں کو مقررہ وقت میں مکمل کیا جائے گا۔ شہری حلقوں نے ان اقدامات کا خیرمقدم کرتے ہوئے مطالبہ کیا کہ فیصلوں پر عملدرآمد کو یقینی بنایا جائے۔
کراچی میں شہریوں کو درپیش مسائل کے حل کیلئے متعلقہ اداروں نے مشترکہ حکمت عملی اختیار کرنے کا فیصلہ کیا ہے۔ اجلاس میں فیصلہ کیا گیا کہ پانی، بجلی اور صفائی کے مسائل کو ترجیحی بنیادوں پر حل کیا جائے گا۔ حکام کا کہنا تھا کہ عوام کو ریلیف دینے کیلئے ہر ممکن اقدامات کیے جائیں گے اور ترقیاتی منصوبوں کو مقررہ وقت میں مکمل کیا جائے گا۔ شہری حلقوں نے ان اقدامات کا خیرمقدم کرتے ہوئے مطالبہ کیا کہ فیصلوں پر عملدرآمد کو یقینی بنایا جائے۔
چیپٹر 14
افغان مہاجرین
کراچی میں شہریوں کو درپیش مسائل کے حل کیلئے متعلقہ اداروں نے مشترکہ حکمت عملی اختیار کرنے کا فیصلہ کیا ہے۔ اجلاس میں فیصلہ کیا گیا کہ پانی، بجلی اور صفائی کے مسائل کو ترجیحی بنیادوں پر حل کیا جائے گا۔ حکام کا کہنا تھا کہ عوام کو ریلیف دینے کیلئے ہر ممکن اقدامات کیے جائیں گے اور ترقیاتی منصوبوں کو مقررہ وقت میں مکمل کیا جائے گا۔ شہری حلقوں نے ان اقدامات کا خیرمقدم کرتے ہوئے مطالبہ کیا کہ فیصلوں پر عملدرآمد کو یقینی بنایا جائے۔
چیپٹر 15
اقتصادی منصوبہ
کراچی میں شہریوں کو درپیش مسائل کے حل کیلئے متعلقہ اداروں نے مشترکہ حکمت عملی اختیار کرنے کا فیصلہ کیا ہے۔ اجلاس میں فیصلہ کیا گیا کہ پانی، بجلی اور صفائی کے مسائل کو ترجیحی بنیادوں پر حل کیا جائے گا۔ حکام کا کہنا تھا کہ عوام کو ریلیف دینے کیلئے ہر ممکن اقدامات کیے جائیں گے اور ترقیاتی منصوبوں کو مقررہ وقت میں مکمل کیا جائے گا۔ شہری حلقوں نے ان اقدامات کا خیرمقدم کرتے ہوئے مطالبہ کیا کہ فیصلوں پر عملدرآمد کو یقینی بنایا جائے۔
کراچی میں شہریوں کو درپیش مسائل کے حل کیلئے متعلقہ اداروں نے مشترکہ حکمت عملی اختیار کرنے کا فیصلہ کیا ہے۔ اجلاس میں فیصلہ کیا گیا کہ پانی، بجلی اور صفائی کے مسائل کو ترجیحی بنیادوں پر حل کیا جائے گا۔ حکام کا کہنا تھا کہ عوام کو ریلیف دینے کیلئے ہر ممکن اقدامات کیے جائیں گے اور ترقیاتی منصوبوں کو مقررہ وقت میں مکمل کیا جائے گا۔ شہری حلقوں نے ان اقدامات کا خیرمقدم کرتے ہوئے مطالبہ کیا کہ فیصلوں پر عملدرآمد کو یقینی بنایا جائے۔
کراچی میں شہریوں کو درپیش مسائل کے حل کیلئے متعلقہ اداروں نے مشترکہ حکمت عملی اختیار کرنے کا فیصلہ کیا ہے۔ اجلاس میں فیصلہ کیا گیا کہ پانی، بجلی اور صفائی کے مسائل کو ترجیحی بنیادوں پر حل کیا جائے گا۔ حکام کا کہنا تھا کہ عوام کو ریلیف دینے کیلئے ہر ممکن اقدامات کیے جائیں گے اور ترقیاتی منصوبوں کو مقررہ وقت میں مکمل کیا جائے گا۔ شہری حلقوں نے ان اقدامات کا خیرمقدم کرتے ہوئے مطالبہ کیا کہ فیصلوں پر عملدرآمد کو یقینی بنایا جائے۔
کراچی میں شہریوں کو درپیش مسائل کے حل کیلئے متعلقہ اداروں نے مشترکہ حکمت عملی اختیار کرنے کا فیصلہ کیا ہے۔ اجلاس میں فیصلہ کیا گیا کہ پانی، بجلی اور صفائی کے مسائل کو ترجیحی بنیادوں پر حل کیا جائے گا۔ حکام کا کہنا تھا کہ عوام کو ریلیف دینے کیلئے ہر ممکن اقدامات کیے جائیں گے اور ترقیاتی منصوبوں کو مقررہ وقت میں مکمل کیا جائے گا۔ شہری حلقوں نے ان اقدامات کا خیرمقدم کرتے ہوئے مطالبہ کیا کہ فیصلوں پر عملدرآمد کو یقینی بنایا جائے۔
چیپٹر 3
وکلاء کی ہڑتال
کراچی میں شہریوں کو درپیش مسائل کے حل کیلئے متعلقہ اداروں نے مشترکہ حکمت عملی اختیار کرنے کا فیصلہ کیا ہے۔ اجلاس میں فیصلہ کیا گیا کہ پانی، بجلی اور صفائی کے مسائل کو ترجیحی بنیادوں پر حل کیا جائے گا۔ حکام کا کہنا تھا کہ عوام کو ریلیف دینے کیلئے ہر ممکن اقدامات کیے جائیں گے اور ترقیاتی منصوبوں کو مقررہ وقت میں مکمل کیا جائے گا۔ شہری حلقوں نے ان اقدامات کا خیرمقدم کرتے ہوئے مطالبہ کیا کہ فیصلوں پر عملدرآمد کو یقینی بنایا جائے۔
چیپٹر 4
پولیس سرگرمی
کراچی میں شہریوں کو درپیش مسائل کے حل کیلئے متعلقہ اداروں نے مشترکہ حکمت عملی اختیار کرنے کا فیصلہ کیا ہے۔ اجلاس میں فیصلہ کیا گیا کہ پانی، بجلی اور صفائی کے مسائل کو ترجیحی بنیادوں پر حل کیا جائے گا۔ حکام کا کہنا تھا کہ عوام کو ریلیف دینے کیلئے ہر ممکن اقدامات کیے جائیں گے اور ترقیاتی منصوبوں کو مقررہ وقت میں مکمل کیا جائے گا۔ شہری حلقوں نے ان اقدامات کا خیرمقدم کرتے ہوئے مطالبہ کیا کہ فیصلوں پر عملدرآمد کو یقینی بنایا جائے۔
کراچی میں شہریوں کو درپیش مسائل کے حل کیلئے متعلقہ اداروں نے مشترکہ حکمت عملی اختیار کرنے کا فیصلہ کیا ہے۔ اجلاس میں فیصلہ کیا گیا کہ پانی، بجلی اور صفائی کے مسائل کو ترجیحی بنیادوں پر حل کیا جائے گا۔ حکام کا کہنا تھا کہ عوام کو ریلیف دینے کیلئے ہر ممکن اقدامات کیے جائیں گے اور ترقیاتی منصوبوں کو مقررہ وقت میں مکمل کیا جائے گا۔ شہری حلقوں نے ان اقدامات کا خیرمقدم کرتے ہوئے مطالبہ کیا کہ فیصلوں پر عملدرآمد کو یقینی بنایا جائے۔
چیپٹر 5
کراچی کی خبریں
کراچی میں شہریوں کو درپیش مسائل کے حل کیلئے متعلقہ اداروں نے مشترکہ حکمت عملی اختیار کرنے کا فیصلہ کیا ہے۔ اجلاس میں فیصلہ کیا گیا کہ پانی، بجلی اور صفائی کے مسائل کو ترجیحی بنیادوں پر حل کیا جائے گا۔ حکام کا کہنا تھا کہ عوام کو ریلیف دینے کیلئے ہر ممکن اقدامات کیے جائیں گے اور ترقیاتی منصوبوں کو مقررہ وقت میں مکمل کیا جائے گا۔ شہری حلقوں نے ان اقدامات کا خیرمقدم کرتے ہوئے مطالبہ کیا کہ فیصلوں پر عملدرآمد کو یقینی بنایا جائے۔
چیپٹر 6
اسپتال کی حالت
کراچی میں شہریوں کو درپیش مسائل کے حل کیلئے متعلقہ اداروں نے مشترکہ حکمت عملی اختیار کرنے کا فیصلہ کیا ہے۔ اجلاس میں فیصلہ کیا گیا کہ پانی، بجلی اور صفائی کے مسائل کو ترجیحی بنیادوں پر حل کیا جائے گا۔ حکام کا کہنا تھا کہ عوام کو ریلیف دینے کیلئے ہر ممکن اقدامات کیے جائیں گے اور ترقیاتی منصوبوں کو مقررہ وقت میں مکمل کیا جائے گا۔ شہری حلقوں نے ان اقدامات کا خیرمقدم کرتے ہوئے مطالبہ کیا کہ فیصلوں پر عملدرآمد کو یقینی بنایا جائے۔
چیپٹر 7
شہری مسائل
کراچی میں شہریوں کو درپیش مسائل کے حل کیلئے متعلقہ اداروں نے مشترکہ حکمت عملی اختیار کرنے کا فیصلہ کیا ہے۔ اجلاس میں فیصلہ کیا گیا کہ پانی، بجلی اور صفائی کے مسائل کو ترجیحی بنیادوں پر حل کیا جائے گا۔ حکام کا کہنا تھا کہ عوام کو ریلیف دینے کیلئے ہر ممکن اقدامات کیے جائیں گے اور ترقیاتی منصوبوں کو مقررہ وقت میں مکمل کیا جائے گا۔ شہری حلقوں نے ان اقدامات کا خیرمقدم کرتے ہوئے مطالبہ کیا کہ فیصلوں پر عملدرآمد کو یقینی بنایا جائے۔
چیپٹر 8
عدالت
کراچی میں شہریوں کو درپیش مسائل کے حل کیلئے متعلقہ اداروں نے مشترکہ حکمت عملی اختیار کرنے کا فیصلہ کیا ہے۔ اجلاس میں فیصلہ کیا گیا کہ پانی، بجلی اور صفائی کے مسائل کو ترجیحی بنیادوں پر حل کیا جائے گا۔ حکام کا کہنا تھا کہ عوام کو ریلیف دینے کیلئے ہر ممکن اقدامات کیے جائیں گے اور ترقیاتی منصوبوں کو مقررہ وقت میں مکمل کیا جائے گا۔ شہری حلقوں نے ان اقدامات کا خیرمقدم کرتے ہوئے مطالبہ کیا کہ فیصلوں پر عملدرآمد کو یقینی بنایا جائے۔
کراچی میں شہریوں کو درپیش مسائل کے حل کیلئے متعلقہ اداروں نے مشترکہ حکمت عملی اختیار کرنے کا فیصلہ کیا ہے۔ اجلاس میں فیصلہ کیا گیا کہ پانی، بجلی اور صفائی کے مسائل کو ترجیحی بنیادوں پر حل کیا جائے گا۔ حکام کا کہنا تھا کہ عوام کو ریلیف دینے کیلئے ہر ممکن اقدامات کیے جائیں گے اور ترقیاتی منصوبوں کو مقررہ وقت میں مکمل کیا جائے گا۔ شہری حلقوں نے ان اقدامات کا خیرمقدم کرتے ہوئے مطالبہ کیا کہ فیصلوں پر عملدرآمد کو یقینی بنایا جائے۔
کراچی میں شہریوں کو درپیش مسائل کے حل کیلئے متعلقہ اداروں نے مشترکہ حکمت عملی اختیار کرنے کا فیصلہ کیا ہے۔ اجلاس میں فیصلہ کیا گیا کہ پانی، بجلی اور صفائی کے مسائل کو ترجیحی بنیادوں پر حل کیا جائے گا۔ حکام کا کہنا تھا کہ عوام کو ریلیف دینے کیلئے ہر ممکن اقدامات کیے جائیں گے اور ترقیاتی منصوبوں کو مقررہ وقت میں مکمل کیا جائے گا۔ شہری حلقوں نے ان اقدامات کا خیرمقدم کرتے ہوئے مطالبہ کیا کہ فیصلوں پر عملدرآمد کو یقینی بنایا جائے۔
چیپٹر 9
اہم معاملات
کراچی میں شہریوں کو درپیش مسائل کے حل کیلئے متعلقہ اداروں نے مشترکہ حکمت عملی اختیار کرنے کا فیصلہ کیا ہے۔ اجلاس میں فیصلہ کیا گیا کہ پانی، بجلی اور صفائی کے مسائل کو ترجیحی بنیادوں پر حل کیا جائے گا۔ حکام کا کہنا تھا کہ عوام کو ریلیف دینے کیلئے ہر ممکن اقدامات کیے جائیں گے اور ترقیاتی منصوبوں کو مقررہ وقت میں مکمل کیا جائے گا۔ شہری حلقوں نے ان اقدامات کا خیرمقدم کرتے ہوئے مطالبہ کیا کہ فیصلوں پر عملدرآمد کو یقینی بنایا جائے۔
کراچی میں شہریوں کو درپیش مسائل کے حل کیلئے متعلقہ اداروں نے مشترکہ حکمت عملی اختیار کرنے کا فیصلہ کیا ہے۔ اجلاس میں فیصلہ کیا گیا کہ پانی، بجلی اور صفائی کے مسائل کو ترجیحی بنیادوں پر حل کیا جائے گا۔ حکام کا کہنا تھا کہ عوام کو ریلیف دینے کیلئے ہر ممکن اقدامات کیے جائیں گے اور ترقیاتی منصوبوں کو مقررہ وقت میں مکمل کیا جائے گا۔ شہری حلقوں نے ان اقدامات کا خیرمقدم کرتے ہوئے مطالبہ کیا کہ فیصلوں پر عملدرآمد کو یقینی بنایا جائے۔
چیپٹر 1
امریکی بحریہ
کراچی میں شہریوں کو درپیش مسائل کے حل کیلئے متعلقہ اداروں نے مشترکہ حکمت عملی اختیار کرنے کا فیصلہ کیا ہے۔ اجلاس میں فیصلہ کیا گیا کہ پانی، بجلی اور صفائی کے مسائل کو ترجیحی بنیادوں پر حل کیا جائے گا۔ حکام کا کہنا تھا کہ عوام کو ریلیف دینے کیلئے ہر ممکن اقدامات کیے جائیں گے اور ترقیاتی منصوبوں کو مقررہ وقت میں مکمل کیا جائے گا۔ شہری حلقوں نے ان اقدامات کا خیرمقدم کرتے ہوئے مطالبہ کیا کہ فیصلوں پر عملدرآمد کو یقینی بنایا جائے۔
کراچی میں شہریوں کو درپیش مسائل کے حل کیلئے متعلقہ اداروں نے مشترکہ حکمت عملی اختیار کرنے کا فیصلہ کیا ہے۔ اجلاس میں فیصلہ کیا گیا کہ پانی، بجلی اور صفائی کے مسائل کو ترجیحی بنیادوں پر حل کیا جائے گا۔ حکام کا کہنا تھا کہ عوام کو ریلیف دینے کیلئے ہر ممکن اقدامات کیے جائیں گے اور ترقیاتی منصوبوں کو مقررہ وقت میں مکمل کیا جائے گا۔ شہری حلقوں نے ان اقدامات کا خیرمقدم کرتے ہوئے مطالبہ کیا کہ فیصلوں پر عملدرآمد کو یقینی بنایا جائے۔
کراچی میں شہریوں کو درپیش مسائل کے حل کیلئے متعلقہ اداروں نے مشترکہ حکمت عملی اختیار کرنے کا فیصلہ کیا ہے۔ اجلاس میں فیصلہ کیا گیا کہ پانی، بجلی اور صفائی کے مسائل کو ترجیحی بنیادوں پر حل کیا جائے گا۔ حکام کا کہنا تھا کہ عوام کو ریلیف دینے کیلئے ہر ممکن اقدامات کیے جائیں گے اور ترقیاتی منصوبوں کو مقررہ وقت میں مکمل کیا جائے گا۔ شہری حلقوں نے ان اقدامات کا خیرمقدم کرتے ہوئے مطالبہ کیا کہ فیصلوں پر عملدرآمد کو یقینی بنایا جائے۔
کراچی میں شہریوں کو درپیش مسائل کے حل کیلئے متعلقہ اداروں نے مشترکہ حکمت عملی اختیار کرنے کا فیصلہ کیا ہے۔ اجلاس میں فیصلہ کیا گیا کہ پانی، بجلی اور صفائی کے مسائل کو ترجیحی بنیادوں پر حل کیا جائے گا۔ حکام کا کہنا تھا کہ عوام کو ریلیف دینے کیلئے ہر ممکن اقدامات کیے جائیں گے اور ترقیاتی منصوبوں کو مقررہ وقت میں مکمل کیا جائے گا۔ شہری حلقوں نے ان اقدامات کا خیرمقدم کرتے ہوئے مطالبہ کیا کہ فیصلوں پر عملدرآمد کو یقینی بنایا جائے۔
چیپٹر 2
سرمایہ کاری
کراچی میں شہریوں کو درپیش مسائل کے حل کیلئے متعلقہ اداروں نے مشترکہ حکمت عملی اختیار کرنے کا فیصلہ کیا ہے۔ اجلاس میں فیصلہ کیا گیا کہ پانی، بجلی اور صفائی کے مسائل کو ترجیحی بنیادوں پر حل کیا جائے گا۔ حکام کا کہنا تھا کہ عوام کو ریلیف دینے کیلئے ہر ممکن اقدامات کیے جائیں گے اور ترقیاتی منصوبوں کو مقررہ وقت میں مکمل کیا جائے گا۔ شہری حلقوں نے ان اقدامات کا خیرمقدم کرتے ہوئے مطالبہ کیا کہ فیصلوں پر عملدرآمد کو یقینی بنایا جائے۔
کراچی میں شہریوں کو درپیش مسائل کے حل کیلئے متعلقہ اداروں نے مشترکہ حکمت عملی اختیار کرنے کا فیصلہ کیا ہے۔ اجلاس میں فیصلہ کیا گیا کہ پانی، بجلی اور صفائی کے مسائل کو ترجیحی بنیادوں پر حل کیا جائے گا۔ حکام کا کہنا تھا کہ عوام کو ریلیف دینے کیلئے ہر ممکن اقدامات کیے جائیں گے اور ترقیاتی منصوبوں کو مقررہ وقت میں مکمل کیا جائے گا۔ شہری حلقوں نے ان اقدامات کا خیرمقدم کرتے ہوئے مطالبہ کیا کہ فیصلوں پر عملدرآمد کو یقینی بنایا جائے۔
کراچی میں شہریوں کو درپیش مسائل کے حل کیلئے متعلقہ اداروں نے مشترکہ حکمت عملی اختیار کرنے کا فیصلہ کیا ہے۔ اجلاس میں فیصلہ کیا گیا کہ پانی، بجلی اور صفائی کے مسائل کو ترجیحی بنیادوں پر حل کیا جائے گا۔ حکام کا کہنا تھا کہ عوام کو ریلیف دینے کیلئے ہر ممکن اقدامات کیے جائیں گے اور ترقیاتی منصوبوں کو مقررہ وقت میں مکمل کیا جائے گا۔ شہری حلقوں نے ان اقدامات کا خیرمقدم کرتے ہوئے مطالبہ کیا کہ فیصلوں پر عملدرآمد کو یقینی بنایا جائے۔
کراچی میں شہریوں کو درپیش مسائل کے حل کیلئے متعلقہ اداروں نے مشترکہ حکمت عملی اختیار کرنے کا فیصلہ کیا ہے۔ اجلاس میں فیصلہ کیا گیا کہ پانی، بجلی اور صفائی کے مسائل کو ترجیحی بنیادوں پر حل کیا جائے گا۔ حکام کا کہنا تھا کہ عوام کو ریلیف دینے کیلئے ہر ممکن اقدامات کیے جائیں گے اور ترقیاتی منصوبوں کو مقررہ وقت میں مکمل کیا جائے گا۔ شہری حلقوں نے ان اقدامات کا خیرمقدم کرتے ہوئے مطالبہ کیا کہ فیصلوں پر عملدرآمد کو یقینی بنایا جائے۔
کراچی میں شہریوں کو درپیش مسائل کے حل کیلئے متعلقہ اداروں نے مشترکہ حکمت عملی اختیار کرنے کا فیصلہ کیا ہے۔ اجلاس میں فیصلہ کیا گیا کہ پانی، بجلی اور صفائی کے مسائل کو ترجیحی بنیادوں پر حل کیا جائے گا۔ حکام کا کہنا تھا کہ عوام کو ریلیف دینے کیلئے ہر ممکن اقدامات کیے جائیں گے اور ترقیاتی منصوبوں کو مقررہ وقت میں مکمل کیا جائے گا۔ شہری حلقوں نے ان اقدامات کا خیرمقدم کرتے ہوئے مطالبہ کیا کہ فیصلوں پر عملدرآمد کو یقینی بنایا جائے۔
کراچی میں شہریوں کو درپیش مسائل کے حل کیلئے متعلقہ اداروں نے مشترکہ حکمت عملی اختیار کرنے کا فیصلہ کیا ہے۔ اجلاس میں فیصلہ کیا گیا کہ پانی، بجلی اور صفائی کے مسائل کو ترجیحی بنیادوں پر حل کیا جائے گا۔ حکام کا کہنا تھا کہ عوام کو ریلیف دینے کیلئے ہر ممکن اقدامات کیے جائیں گے اور ترقیاتی منصوبوں کو مقررہ وقت میں مکمل کیا جائے گا۔ شہری حلقوں نے ان اقدامات کا خیرمقدم کرتے ہوئے مطالبہ کیا کہ فیصلوں پر عملدرآمد کو یقینی بنایا جائے۔
